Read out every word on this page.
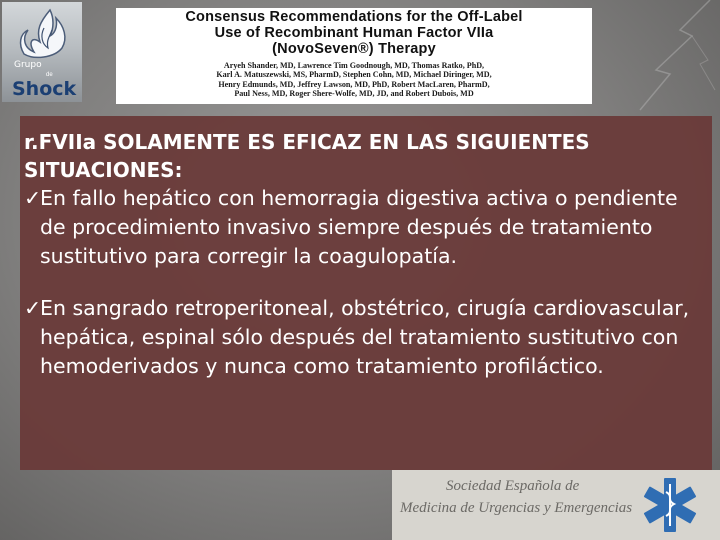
Grupo
de
Shock
Consensus Recommendations for the Off-Label
Use of Recombinant Human Factor VIIa
(NovoSeven®) Therapy
Aryeh Shander, MD, Lawrence Tim Goodnough, MD, Thomas Ratko, PhD,
Karl A. Matuszewski, MS, PharmD, Stephen Cohn, MD, Michael Diringer, MD,
Henry Edmunds, MD, Jeffrey Lawson, MD, PhD, Robert MacLaren, PharmD,
Paul Ness, MD, Roger Shere-Wolfe, MD, JD, and Robert Dubois, MD
r.FVIIa SOLAMENTE ES EFICAZ EN LAS SIGUIENTES SITUACIONES:
✓
En fallo hepático con hemorragia digestiva activa o pendiente de procedimiento invasivo siempre después de tratamiento sustitutivo para corregir la coagulopatía.
✓
En sangrado retroperitoneal, obstétrico, cirugía cardiovascular, hepática, espinal sólo después del tratamiento sustitutivo con hemoderivados y nunca como tratamiento profiláctico.
Sociedad Española de
Medicina de Urgencias y Emergencias
